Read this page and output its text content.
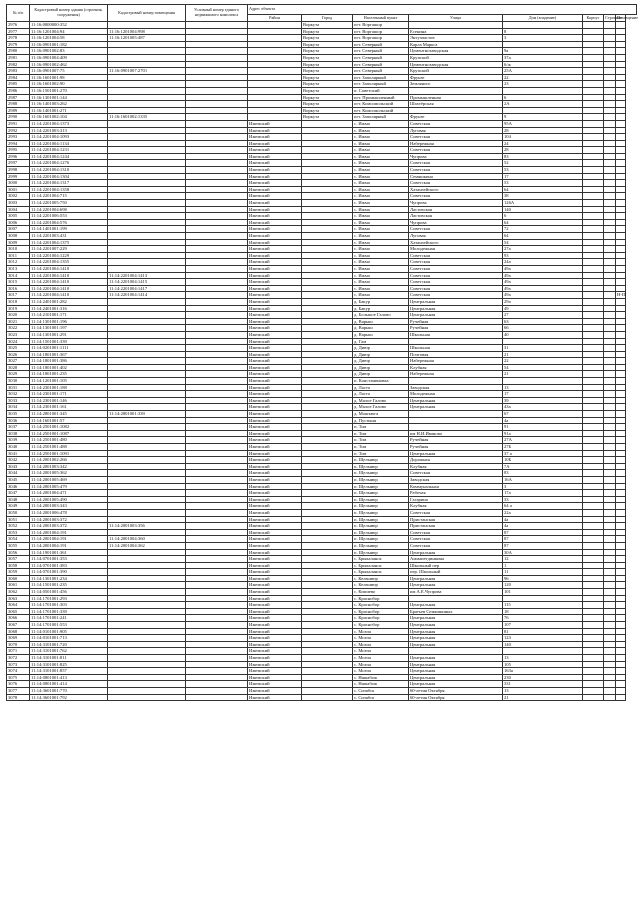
№ п/п	Кадастровый номер здания (строения, сооружения)	Кадастровый номер помещения	Условный номер единого недвижимого комплекса	Адрес объекта							
				Район	Город	Населенный пункт	Улица	Дом (владение)	Корпус	Строение	Помещение
2976	11:16:0000000:352				Воркута	пгт. Воргашор					
2977	11:16:1201004:94	11:16:1201004:998			Воркута	пгт. Воргашор	Есенина	8			
2978	11:16:1201004:58	11:16:1201005:487			Воркута	пгт. Воргашор	Энтузиастов	3			
2979	11:16:0901001:182				Воркута	пгт. Северный	Карла Маркса				
2980	11:16:0901002:83				Воркута	пгт. Северный	Цементнозаводская	9а			
2981	11:16:0901004:409				Воркута	пгт. Северный	Крупской	37а			
2982	11:16:0901002:462				Воркута	пгт. Северный	Цементнозаводская	6/ж			
2983	11:16:0901007:75	11:16:0901007:2701			Воркута	пгт. Северный	Крупской	25А			
2984	11:16:1601001:98				Воркута	пгт. Заполярный	Фрунзе	22			
2985	11:16:1601002:90				Воркута	пгт. Заполярный	Земляного	23			
2986	11:16:1501001:270				Воркута	п. Советский					
2987	11:16:1301001:144				Воркута	пгт. Промышленный	Промышленная	6			
2988	11:16:1401003:262				Воркута	пгт. Комсомольский	Шахтёрская	2А			
2989	11:16:1401001:271				Воркута	пгт. Комсомольский					
2990	11:16:1601002:104	11:16:1601002:1335			Воркута	пгт. Заполярный	Фрунзе	9			
2991	11:14:2201004:1373			Ижемский		с. Ижма	Советская	95А			
2992	11:14:2201003:313			Ижемский		с. Ижма	Луговая	28			
2993	11:14:2201004:1093			Ижемский		с. Ижма	Советская	104			
2994	11:14:2201004:1134			Ижемский		с. Ижма	Набережная	24			
2995	11:14:2201004:1231			Ижемский		с. Ижма	Советская	28			
2996	11:14:2201004:1244			Ижемский		с. Ижма	Чупрова	83			
2997	11:14:2201004:1276			Ижемский		с. Ижма	Советская	52			
2998	11:14:2201004:1310			Ижемский		с. Ижма	Советская	53			
2999	11:14:2201004:1304			Ижемский		с. Ижма	Семяшкина	17			
3000	11:14:2201004:1317			Ижемский		с. Ижма	Советская	53			
3001	11:14:2201004:1358			Ижемский		с. Ижма	Хатанзейского	64			
3002	11:14:2201004:715			Ижемский		с. Ижма	Советская	38			
3003	11:14:2201005:750			Ижемский		с. Ижма	Чупрова	126А			
3004	11:14:2201004:698			Ижемский		с. Ижма	Ластовская	140			
3005	11:14:2201006:553			Ижемский		с. Ижма	Ластовская	6			
3006	11:14:2201004:576			Ижемский		с. Ижма	Чупрова	64			
3007	11:14:1401001:199			Ижемский		с. Ижма	Советская	72			
3008	11:14:2201003:431			Ижемский		с. Ижма	Луговая	64			
3009	11:14:2201004:1375			Ижемский		с. Ижма	Хатанзейского	54			
3010	11:14:2201007:229			Ижемский		с. Ижма	Молодежная	27а			
3011	11:14:2201004:1229			Ижемский		с. Ижма	Советская	93			
3012	11:14:2201004:1355			Ижемский		с. Ижма	Советская	24а			
3013	11:14:2201004:1410			Ижемский		с. Ижма	Советская	49а			
3014	11:14:2201004:1410	11:14:2201004:1413		Ижемский		с. Ижма	Советская	49а			
3015	11:14:2201004:1410	11:14:2201004:1415		Ижемский		с. Ижма	Советская	49а			
3016	11:14:2201004:1410	11:14:2201004:1417		Ижемский		с. Ижма	Советская	49а			
3017	11:14:2201004:1410	11:14:2201004:1414		Ижемский		с. Ижма	Советская	49а			Н-III
3018	11:14:2401001:282			Ижемский		д. Бакур	Центральная	29а			
3019	11:14:2401001:316			Ижемский		д. Бакур	Центральная	49			
3020	11:14:2101001:171			Ижемский		д. Большое Галово	Центральная	27			
3021	11:14:1301001:196			Ижемский		д. Варыш	Ручейная	63			
3022	11:14:1301001:197			Ижемский		д. Варыш	Ручейная	66			
3023	11:14:1301001:291			Ижемский		д. Варыш	Школьная	40			
3024	11:14:1501001:339			Ижемский		д. Гам					
3025	11:14:0201001:1111			Ижемский		д. Диюр	Школьная	31			
3026	11:14:1801001:367			Ижемский		д. Диюр	Почтовая	21			
3027	11:14:1801001:386			Ижемский		д. Диюр	Набережная	22			
3028	11:14:1801001:402			Ижемский		д. Диюр	Клубная	54			
3029	11:14:1801001:235			Ижемский		д. Диюр	Набережная	21			
3030	11:14:1201001:105			Ижемский		п. Констаниновка					
3031	11:14:2301001:188			Ижемский		д. Ласта	Заводская	13			
3032	11:14:2301001:171			Ижемский		д. Ласта	Молодежная	17			
3033	11:14:2301001:146			Ижемский		д. Малое Галово	Центральная	39			
3034	11:14:2301001:161			Ижемский		д. Малое Галово	Центральная	43а			
3035	11:14:2801001:345	11:14:2801001:339		Ижемский		д. Мошъюга		67			
3036	11:14:1601001:57			Ижемский		д. Пустыня		4а			
3037	11:14:2501001:1082			Ижемский		п. Том		91			
3038	11:14:2501001:1087			Ижемский		п. Том	им Н.И.Иванова	91а			
3039	11:14:2501001:480			Ижемский		п. Том	Ручейная	27А			
3040	11:14:2501001:488			Ижемский		п. Том	Ручейная	27Б			
3041	11:14:2501001:1091			Ижемский		п. Том	Центральная	37 а			
3042	11:14:2001002:266			Ижемский		п. Щельяюр	Дорожная	10Б			
3043	11:14:2001003:342			Ижемский		п. Щельяюр	Клубная	7А			
3044	11:14:2001005:362			Ижемский		п. Щельяюр	Советская	83			
3045	11:14:2001005:469			Ижемский		п. Щельяюр	Заводская	16А			
3046	11:14:2001005:479			Ижемский		п. Щельяюр	Коммунальная	3			
3047	11:14:2001004:471			Ижемский		п. Щельяюр	Рабочая	17а			
3048	11:14:2001005:490			Ижемский		п. Щельяюр	Гагарина	33			
3049	11:14:2001003:343			Ижемский		п. Щельяюр	Клубная	64 а			
3050	11:14:2001006:478			Ижемский		п. Щельяюр	Советская	22а			
3051	11:14:2001003:372			Ижемский		п. Щельяюр	Пристанская	4а			
3052	11:14:2001003:372	11:14:2001003:356		Ижемский		п. Щельяюр	Пристанская	4а			
3053	11:14:2001004:191			Ижемский		п. Щельяюр	Советская	87			
3054	11:14:2001004:191	11:14:2001004:360		Ижемский		п. Щельяюр	Советская	87			
3055	11:14:2001004:191	11:14:2001004:362		Ижемский		п. Щельяюр	Советская	87			
3056	11:14:1901001:361			Ижемский		п. Щельяюр	Центральная	30А			
3057	11:14:0701001:353			Ижемский		с. Брыкаланск	Аммаиетдинкина	12			
3058	11:14:0701001:383			Ижемский		с. Брыкаланск	Школьный пер	1			
3059	11:14:0701001:390			Ижемский		с. Брыкаланск	пер. Школьный	11			
3060	11:14:1301001:234			Ижемский		с. Кельчиюр	Центральная	96			
3061	11:14:1501001:235			Ижемский		с. Кельчиюр	Центральная	120			
3062	11:14:0501001:456			Ижемский		с. Кипиево	им А.Е.Чупрова	101			
3063	11:14:1701001:293			Ижемский		с. Краснобор					
3064	11:14:1701001:303			Ижемский		с. Краснобор	Центральная	115			
3065	11:14:1701001:339			Ижемский		с. Краснобор	Братьев Семяшкиных	18			
3066	11:14:1701001:241			Ижемский		с. Краснобор	Центральная	76			
3067	11:14:1701001:553			Ижемский		с. Краснобор	Центральная	107			
3068	11:14:0101001:905			Ижемский		с. Мохча	Центральная	81			
3069	11:14:0101001:713			Ижемский		с. Мохча	Центральная	123			
3070	11:14:3101001:720			Ижемский		с. Мохча	Центральная	140			
3071	11:14:3101001:762			Ижемский		с. Мохча					
3072	11:14:3101001:811			Ижемский		с. Мохча	Центральная	13			
3073	11:14:3101001:825			Ижемский		с. Мохча	Центральная	105			
3074	11:14:3101001:857			Ижемский		с. Мохча	Центральная	163а			
3075	11:14:0801001:413			Ижемский		с. Няшабож	Центральная	230			
3076	11:14:0801001:414			Ижемский		с. Няшабож	Центральная	331			
3077	11:14:3601001:770			Ижемский		с. Сизябск	60-летия Октября	13			
3078	11:14:3601001:792			Ижемский		с. Сизябск	60-летия Октября	21			
